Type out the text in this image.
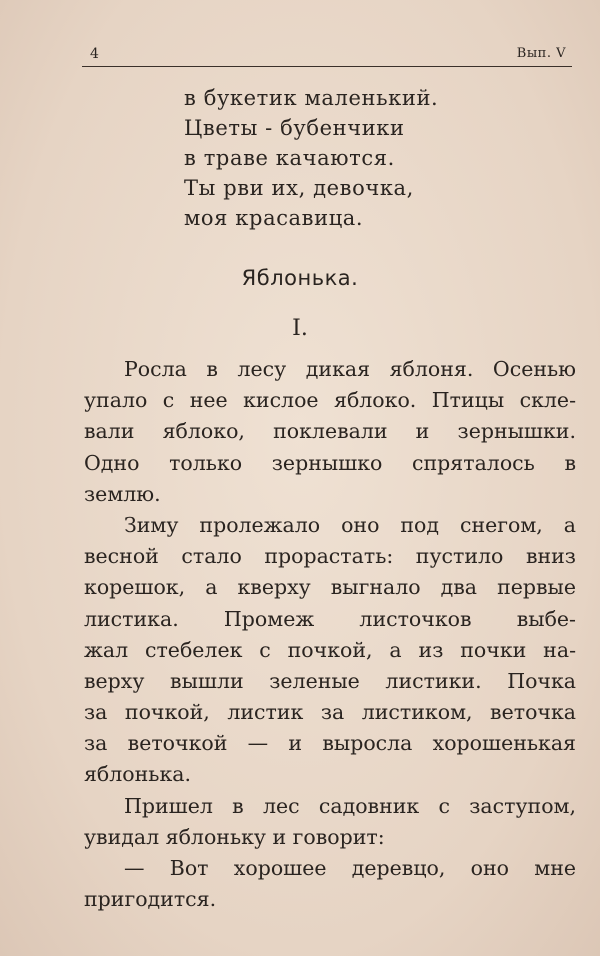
4	Вып. V
в букетик маленький.
Цветы - бубенчики
в траве качаются.
Ты рви их, девочка,
моя красавица.
Яблонька.
I.
Росла в лесу дикая яблоня. Осенью
упало с нее кислое яблоко. Птицы скле-
вали яблоко, поклевали и зернышки.
Одно только зернышко спряталось в
землю.
Зиму пролежало оно под снегом, а
весной стало прорастать: пустило вниз
корешок, а кверху выгнало два первые
листика. Промеж листочков выбе-
жал стебелек с почкой, а из почки на-
верху вышли зеленые листики. Почка
за почкой, листик за листиком, веточка
за веточкой — и выросла хорошенькая
яблонька.
Пришел в лес садовник с заступом,
увидал яблоньку и говорит:
— Вот хорошее деревцо, оно мне
пригодится.
